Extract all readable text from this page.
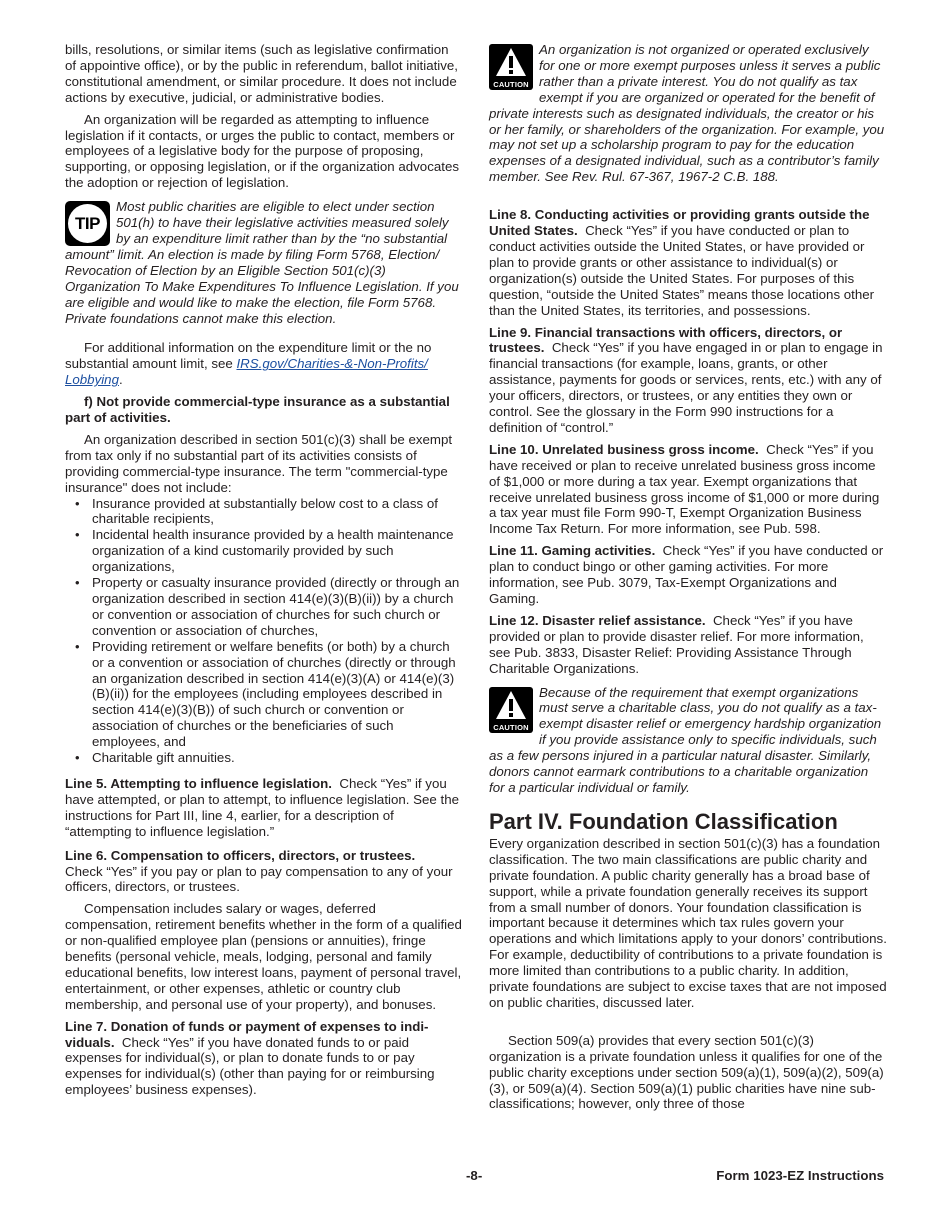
bills, resolutions, or similar items (such as legislative confirmation of appointive office), or by the public in referendum, ballot initiative, constitutional amendment, or similar procedure. It does not include actions by executive, judicial, or administrative bodies.

An organization will be regarded as attempting to influence legislation if it contacts, or urges the public to contact, members or employees of a legislative body for the purpose of proposing, supporting, or opposing legislation, or if the organization advocates the adoption or rejection of legislation.

TIP
Most public charities are eligible to elect under section 501(h) to have their legislative activities measured solely by an expenditure limit rather than by the “no substantial amount” limit. An election is made by filing Form 5768, Election/ Revocation of Election by an Eligible Section 501(c)(3) Organization To Make Expenditures To Influence Legislation. If you are eligible and would like to make the election, file Form 5768. Private foundations cannot make this election.

For additional information on the expenditure limit or the no substantial amount limit, see IRS.gov/Charities-&-Non-Profits/ Lobbying.

f) Not provide commercial-type insurance as a substantial part of activities.

An organization described in section 501(c)(3) shall be exempt from tax only if no substantial part of its activities consists of providing commercial-type insurance. The term "commercial-type insurance" does not include:

• Insurance provided at substantially below cost to a class of charitable recipients,
• Incidental health insurance provided by a health maintenance organization of a kind customarily provided by such organizations,
• Property or casualty insurance provided (directly or through an organization described in section 414(e)(3)(B)(ii)) by a church or convention or association of churches for such church or convention or association of churches,
• Providing retirement or welfare benefits (or both) by a church or a convention or association of churches (directly or through an organization described in section 414(e)(3)(A) or 414(e)(3)(B)(ii)) for the employees (including employees described in section 414(e)(3)(B)) of such church or convention or association of churches or the beneficiaries of such employees, and
• Charitable gift annuities.

Line 5. Attempting to influence legislation. Check “Yes” if you have attempted, or plan to attempt, to influence legislation. See the instructions for Part III, line 4, earlier, for a description of “attempting to influence legislation.”

Line 6. Compensation to officers, directors, or trustees.
Check “Yes” if you pay or plan to pay compensation to any of your officers, directors, or trustees.

Compensation includes salary or wages, deferred compensation, retirement benefits whether in the form of a qualified or non-qualified employee plan (pensions or annuities), fringe benefits (personal vehicle, meals, lodging, personal and family educational benefits, low interest loans, payment of personal travel, entertainment, or other expenses, athletic or country club membership, and personal use of your property), and bonuses.

Line 7. Donation of funds or payment of expenses to indi-viduals. Check “Yes” if you have donated funds to or paid expenses for individual(s), or plan to donate funds to or pay expenses for individual(s) (other than paying for or reimbursing employees’ business expenses).

CAUTION
An organization is not organized or operated exclusively for one or more exempt purposes unless it serves a public rather than a private interest. You do not qualify as tax exempt if you are organized or operated for the benefit of private interests such as designated individuals, the creator or his or her family, or shareholders of the organization. For example, you may not set up a scholarship program to pay for the education expenses of a designated individual, such as a contributor’s family member. See Rev. Rul. 67-367, 1967-2 C.B. 188.

Line 8. Conducting activities or providing grants outside the United States. Check “Yes” if you have conducted or plan to conduct activities outside the United States, or have provided or plan to provide grants or other assistance to individual(s) or organization(s) outside the United States. For purposes of this question, “outside the United States” means those locations other than the United States, its territories, and possessions.

Line 9. Financial transactions with officers, directors, or trustees. Check “Yes” if you have engaged in or plan to engage in financial transactions (for example, loans, grants, or other assistance, payments for goods or services, rents, etc.) with any of your officers, directors, or trustees, or any entities they own or control. See the glossary in the Form 990 instructions for a definition of “control.”

Line 10. Unrelated business gross income. Check “Yes” if you have received or plan to receive unrelated business gross income of $1,000 or more during a tax year. Exempt organizations that receive unrelated business gross income of $1,000 or more during a tax year must file Form 990-T, Exempt Organization Business Income Tax Return. For more information, see Pub. 598.

Line 11. Gaming activities. Check “Yes” if you have conducted or plan to conduct bingo or other gaming activities. For more information, see Pub. 3079, Tax-Exempt Organizations and Gaming.

Line 12. Disaster relief assistance. Check “Yes” if you have provided or plan to provide disaster relief. For more information, see Pub. 3833, Disaster Relief: Providing Assistance Through Charitable Organizations.

CAUTION
Because of the requirement that exempt organizations must serve a charitable class, you do not qualify as a tax-exempt disaster relief or emergency hardship organization if you provide assistance only to specific individuals, such as a few persons injured in a particular natural disaster. Similarly, donors cannot earmark contributions to a charitable organization for a particular individual or family.
Part IV. Foundation Classification

Every organization described in section 501(c)(3) has a foundation classification. The two main classifications are public charity and private foundation. A public charity generally has a broad base of support, while a private foundation generally receives its support from a small number of donors. Your foundation classification is important because it determines which tax rules govern your operations and which limitations apply to your donors’ contributions. For example, deductibility of contributions to a private foundation is more limited than contributions to a public charity. In addition, private foundations are subject to excise taxes that are not imposed on public charities, discussed later.

Section 509(a) provides that every section 501(c)(3) organization is a private foundation unless it qualifies for one of the public charity exceptions under section 509(a)(1), 509(a)(2), 509(a)(3), or 509(a)(4). Section 509(a)(1) public charities have nine sub-classifications; however, only three of those

-8-	Form 1023-EZ Instructions
